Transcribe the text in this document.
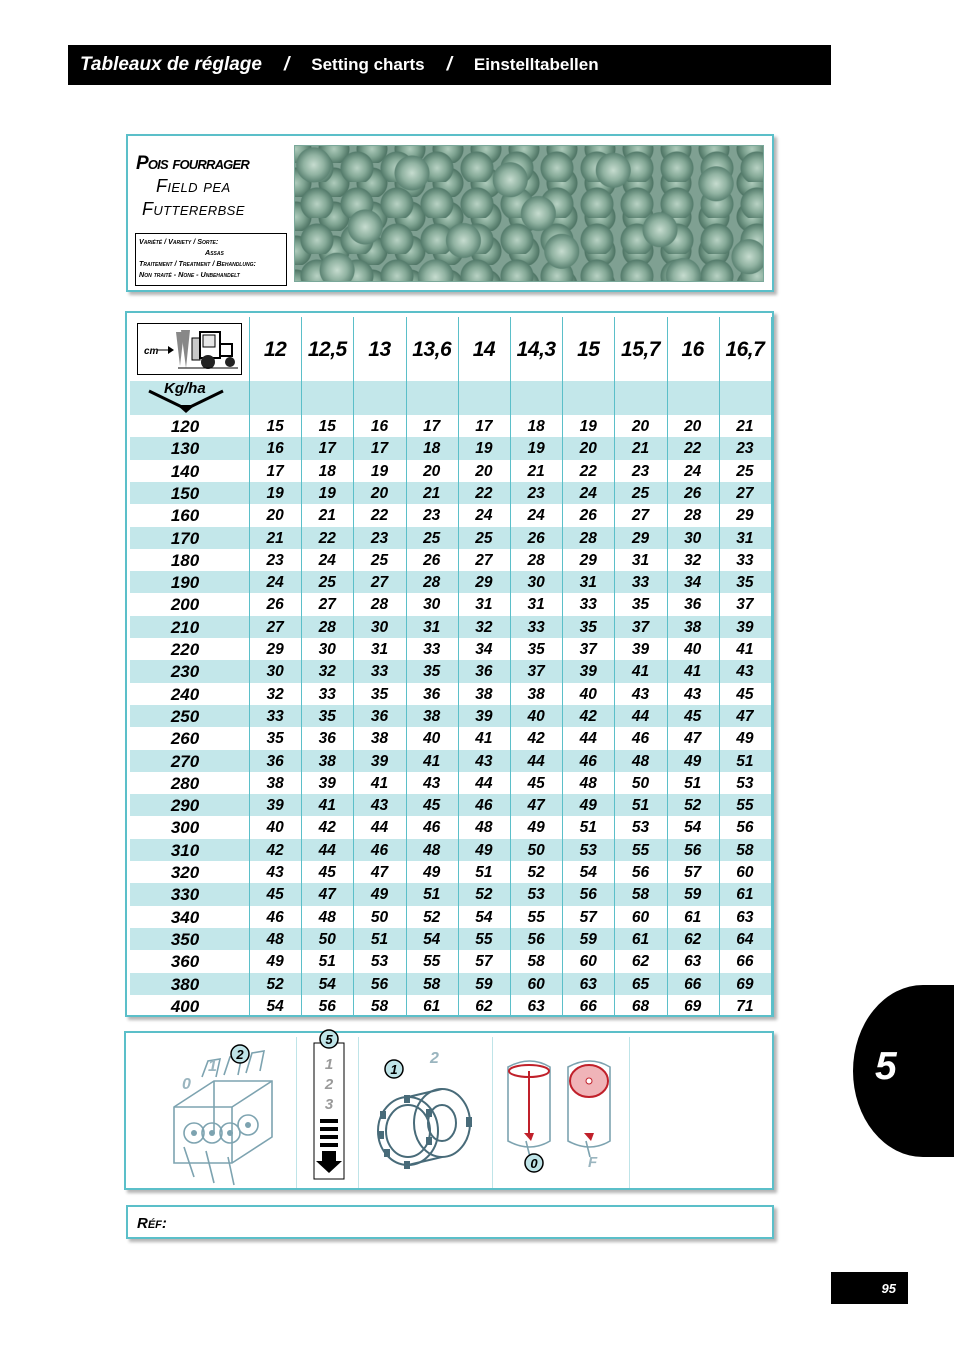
Tableaux de réglage / Setting charts / Einstelltabellen
Pois fourrager
Field pea
Futtererbse
Variété / Variety / Sorte:
Assas
Traitement / Treatment / Behandlung:
Non traité - None - Unbehandelt
cm
Kg/ha
12	12,5	13	13,6	14	14,3	15	15,7	16	16,7
120	15	15	16	17	17	18	19	20	20	21
130	16	17	17	18	19	19	20	21	22	23
140	17	18	19	20	20	21	22	23	24	25
150	19	19	20	21	22	23	24	25	26	27
160	20	21	22	23	24	24	26	27	28	29
170	21	22	23	25	25	26	28	29	30	31
180	23	24	25	26	27	28	29	31	32	33
190	24	25	27	28	29	30	31	33	34	35
200	26	27	28	30	31	31	33	35	36	37
210	27	28	30	31	32	33	35	37	38	39
220	29	30	31	33	34	35	37	39	40	41
230	30	32	33	35	36	37	39	41	41	43
240	32	33	35	36	38	38	40	43	43	45
250	33	35	36	38	39	40	42	44	45	47
260	35	36	38	40	41	42	44	46	47	49
270	36	38	39	41	43	44	46	48	49	51
280	38	39	41	43	44	45	48	50	51	53
290	39	41	43	45	46	47	49	51	52	55
300	40	42	44	46	48	49	51	53	54	56
310	42	44	46	48	49	50	53	55	56	58
320	43	45	47	49	51	52	54	56	57	60
330	45	47	49	51	52	53	56	58	59	61
340	46	48	50	52	54	55	57	60	61	63
350	48	50	51	54	55	56	59	61	62	64
360	49	51	53	55	57	58	60	62	63	66
380	52	54	56	58	59	60	63	65	66	69
400	54	56	58	61	62	63	66	68	69	71
0
1
2
5
1
2
3
1
2
0	F
Réf:
5
95
